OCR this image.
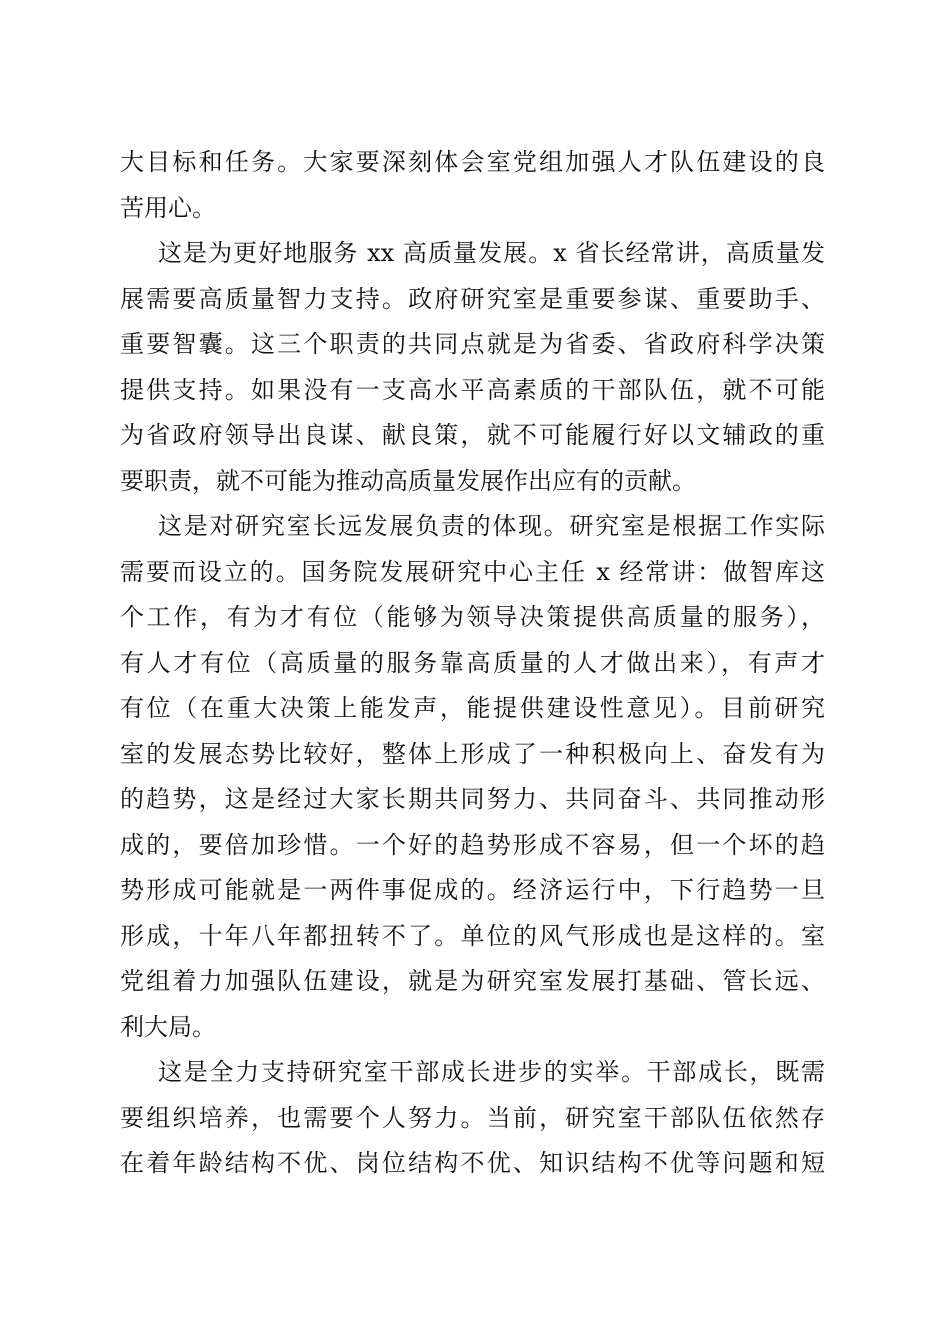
大目标和任务。大家要深刻体会室党组加强人才队伍建设的良
苦用心。
这是为更好地服务 xx 高质量发展。x 省长经常讲，高质量发
展需要高质量智力支持。政府研究室是重要参谋、重要助手、
重要智囊。这三个职责的共同点就是为省委、省政府科学决策
提供支持。如果没有一支高水平高素质的干部队伍，就不可能
为省政府领导出良谋、献良策，就不可能履行好以文辅政的重
要职责，就不可能为推动高质量发展作出应有的贡献。
这是对研究室长远发展负责的体现。研究室是根据工作实际
需要而设立的。国务院发展研究中心主任 x 经常讲：做智库这
个工作，有为才有位（能够为领导决策提供高质量的服务），
有人才有位（高质量的服务靠高质量的人才做出来），有声才
有位（在重大决策上能发声，能提供建设性意见）。目前研究
室的发展态势比较好，整体上形成了一种积极向上、奋发有为
的趋势，这是经过大家长期共同努力、共同奋斗、共同推动形
成的，要倍加珍惜。一个好的趋势形成不容易，但一个坏的趋
势形成可能就是一两件事促成的。经济运行中，下行趋势一旦
形成，十年八年都扭转不了。单位的风气形成也是这样的。室
党组着力加强队伍建设，就是为研究室发展打基础、管长远、
利大局。
这是全力支持研究室干部成长进步的实举。干部成长，既需
要组织培养，也需要个人努力。当前，研究室干部队伍依然存
在着年龄结构不优、岗位结构不优、知识结构不优等问题和短
